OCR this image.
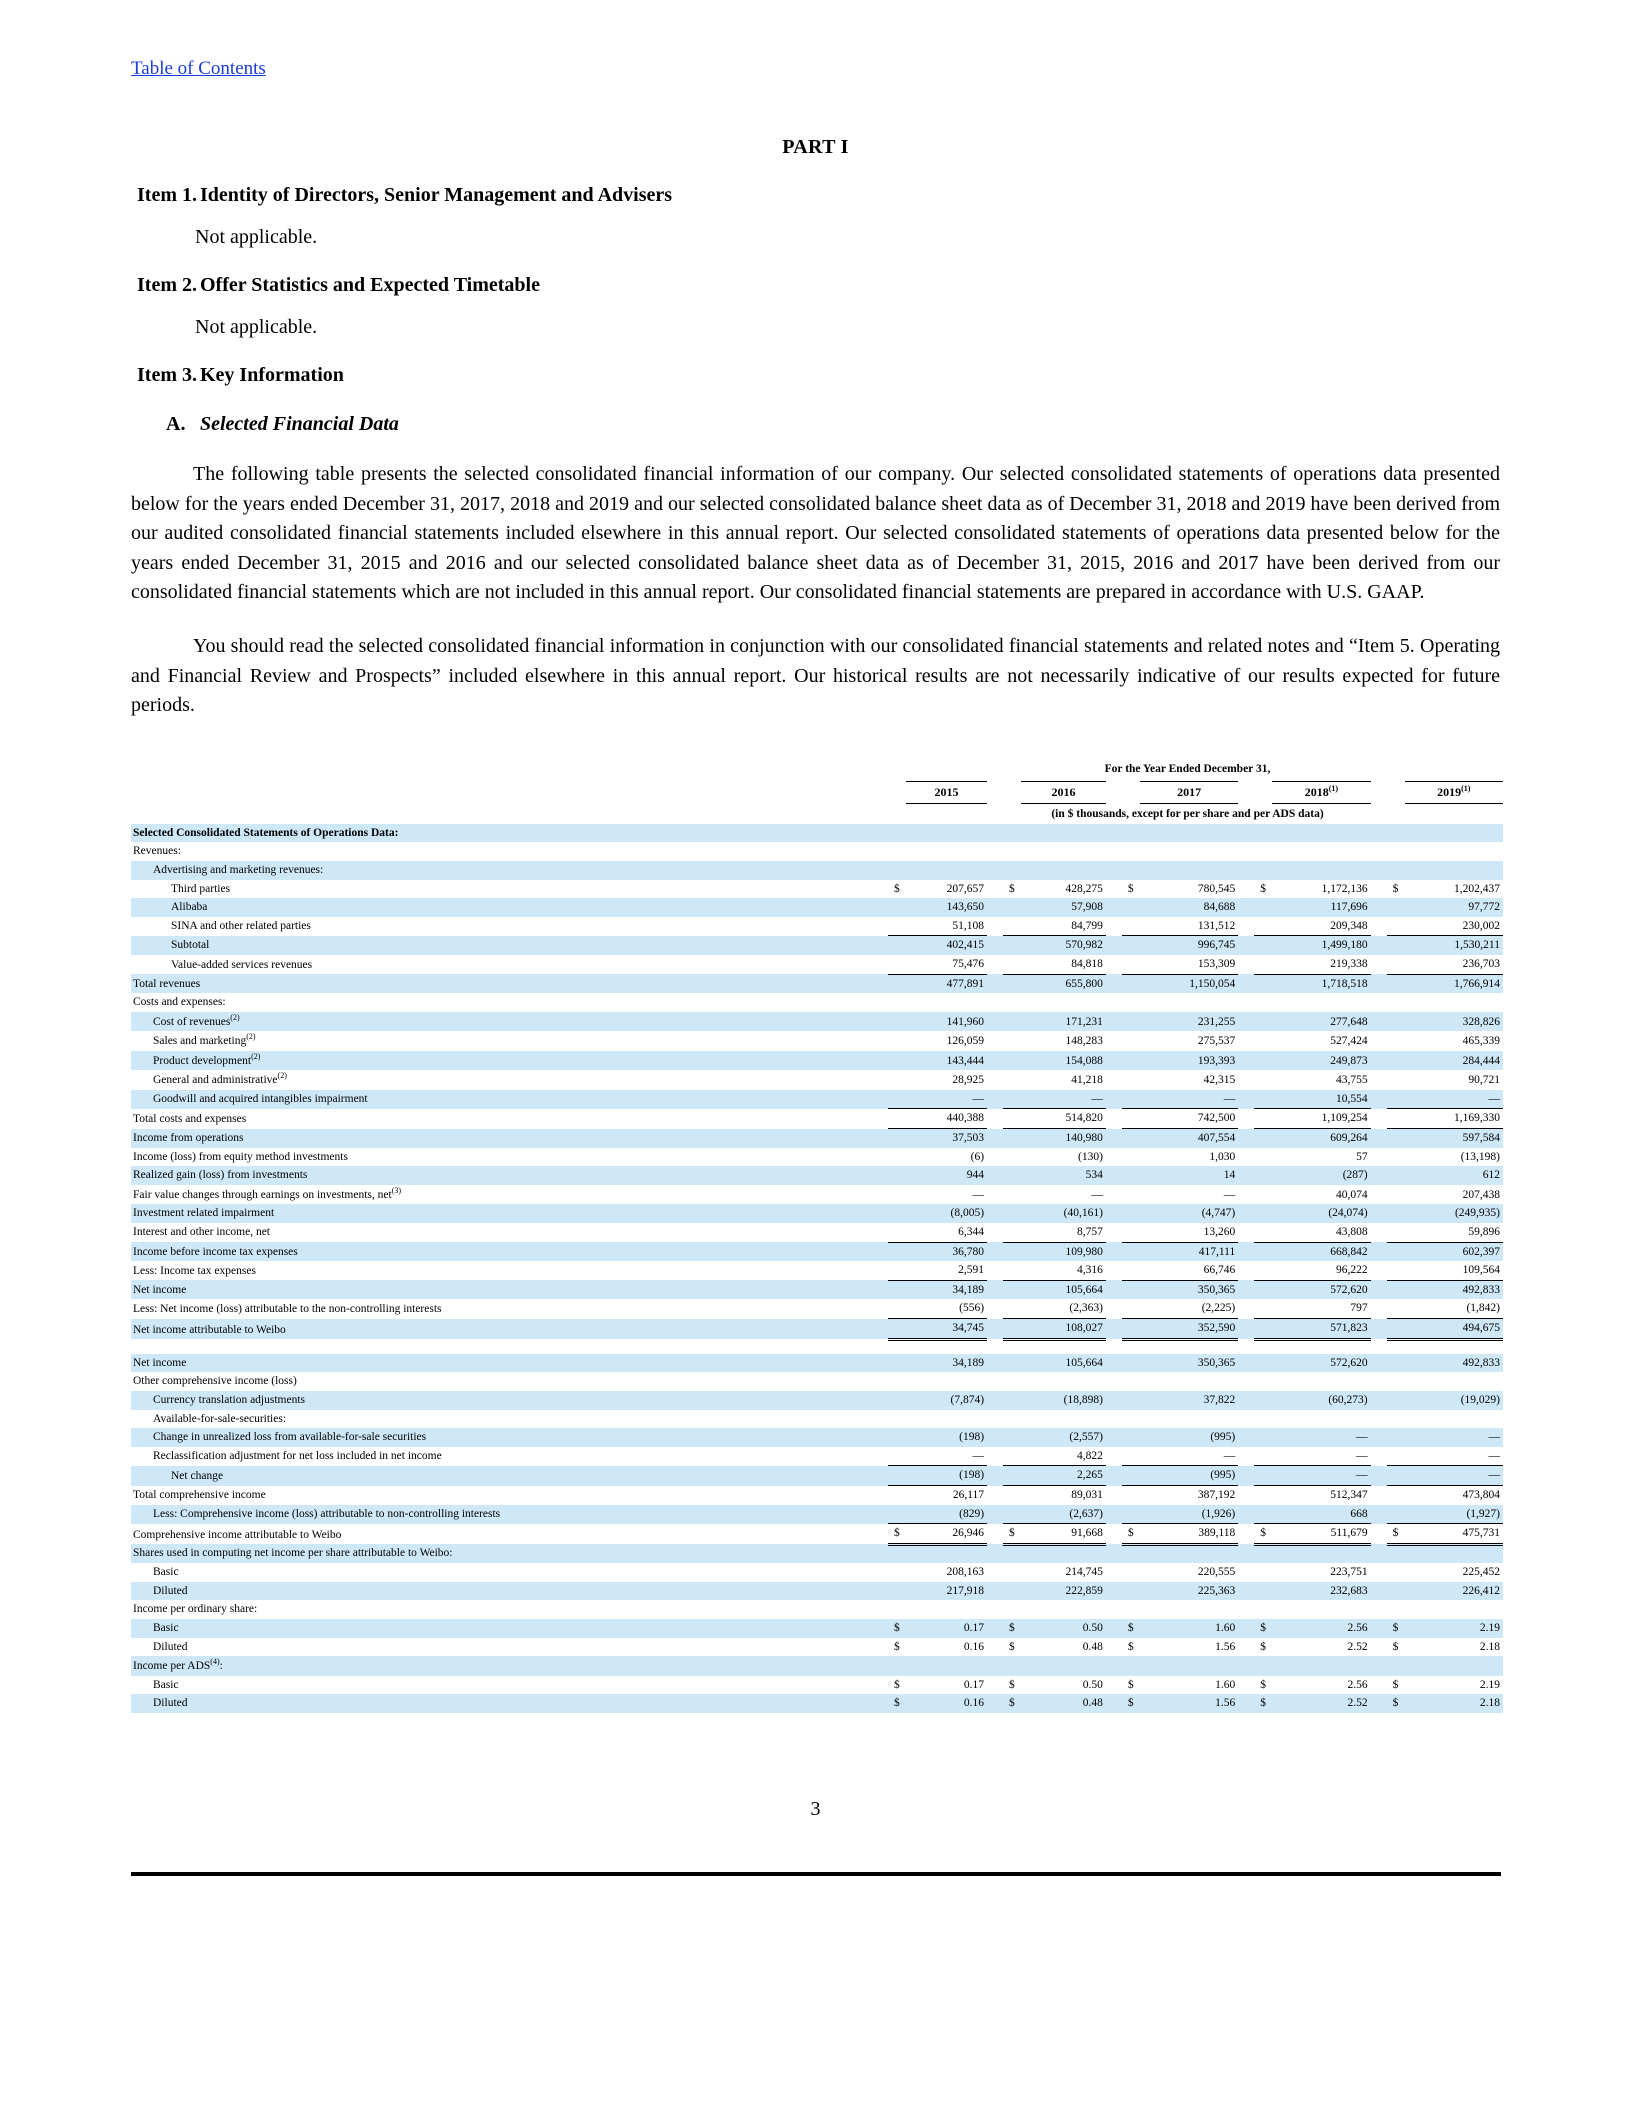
Table of Contents
PART I
Item 1. Identity of Directors, Senior Management and Advisers
Not applicable.
Item 2. Offer Statistics and Expected Timetable
Not applicable.
Item 3. Key Information
A. Selected Financial Data

The following table presents the selected consolidated financial information of our company. Our selected consolidated statements of operations data presented below for the years ended December 31, 2017, 2018 and 2019 and our selected consolidated balance sheet data as of December 31, 2018 and 2019 have been derived from our audited consolidated financial statements included elsewhere in this annual report. Our selected consolidated statements of operations data presented below for the years ended December 31, 2015 and 2016 and our selected consolidated balance sheet data as of December 31, 2015, 2016 and 2017 have been derived from our consolidated financial statements which are not included in this annual report. Our consolidated financial statements are prepared in accordance with U.S. GAAP.

You should read the selected consolidated financial information in conjunction with our consolidated financial statements and related notes and “Item 5. Operating and Financial Review and Prospects” included elsewhere in this annual report. Our historical results are not necessarily indicative of our results expected for future periods.

	For the Year Ended December 31,														
			2015			2016			2017			2018$^{(1)}$			2019$^{(1)}$
	(in $ thousands, except for per share and per ADS data)														
Selected Consolidated Statements of Operations Data:															
Revenues:															
Advertising and marketing revenues:															
Third parties		$	207,657		$	428,275		$	780,545		$	1,172,136		$	1,202,437
Alibaba			143,650			57,908			84,688			117,696			97,772
SINA and other related parties			51,108			84,799			131,512			209,348			230,002
Subtotal			402,415			570,982			996,745			1,499,180			1,530,211
Value-added services revenues			75,476			84,818			153,309			219,338			236,703
Total revenues			477,891			655,800			1,150,054			1,718,518			1,766,914
Costs and expenses:															
Cost of revenues$^{(2)}$			141,960			171,231			231,255			277,648			328,826
Sales and marketing$^{(2)}$			126,059			148,283			275,537			527,424			465,339
Product development$^{(2)}$			143,444			154,088			193,393			249,873			284,444
General and administrative$^{(2)}$			28,925			41,218			42,315			43,755			90,721
Goodwill and acquired intangibles impairment			—			—			—			10,554			—
Total costs and expenses			440,388			514,820			742,500			1,109,254			1,169,330
Income from operations			37,503			140,980			407,554			609,264			597,584
Income (loss) from equity method investments			(6)			(130)			1,030			57			(13,198)
Realized gain (loss) from investments			944			534			14			(287)			612
Fair value changes through earnings on investments, net$^{(3)}$			—			—			—			40,074			207,438
Investment related impairment			(8,005)			(40,161)			(4,747)			(24,074)			(249,935)
Interest and other income, net			6,344			8,757			13,260			43,808			59,896
Income before income tax expenses			36,780			109,980			417,111			668,842			602,397
Less: Income tax expenses			2,591			4,316			66,746			96,222			109,564
Net income			34,189			105,664			350,365			572,620			492,833
Less: Net income (loss) attributable to the non-controlling interests			(556)			(2,363)			(2,225)			797			(1,842)
Net income attributable to Weibo			34,745			108,027			352,590			571,823			494,675

Net income			34,189			105,664			350,365			572,620			492,833
Other comprehensive income (loss)															
Currency translation adjustments			(7,874)			(18,898)			37,822			(60,273)			(19,029)
Available-for-sale-securities:															
Change in unrealized loss from available-for-sale securities			(198)			(2,557)			(995)			—			—
Reclassification adjustment for net loss included in net income			—			4,822			—			—			—
Net change			(198)			2,265			(995)			—			—
Total comprehensive income			26,117			89,031			387,192			512,347			473,804
Less: Comprehensive income (loss) attributable to non-controlling interests			(829)			(2,637)			(1,926)			668			(1,927)
Comprehensive income attributable to Weibo		$	26,946		$	91,668		$	389,118		$	511,679		$	475,731
Shares used in computing net income per share attributable to Weibo:															
Basic			208,163			214,745			220,555			223,751			225,452
Diluted			217,918			222,859			225,363			232,683			226,412
Income per ordinary share:															
Basic		$	0.17		$	0.50		$	1.60		$	2.56		$	2.19
Diluted		$	0.16		$	0.48		$	1.56		$	2.52		$	2.18
Income per ADS$^{(4)}$:															
Basic		$	0.17		$	0.50		$	1.60		$	2.56		$	2.19
Diluted		$	0.16		$	0.48		$	1.56		$	2.52		$	2.18
3
